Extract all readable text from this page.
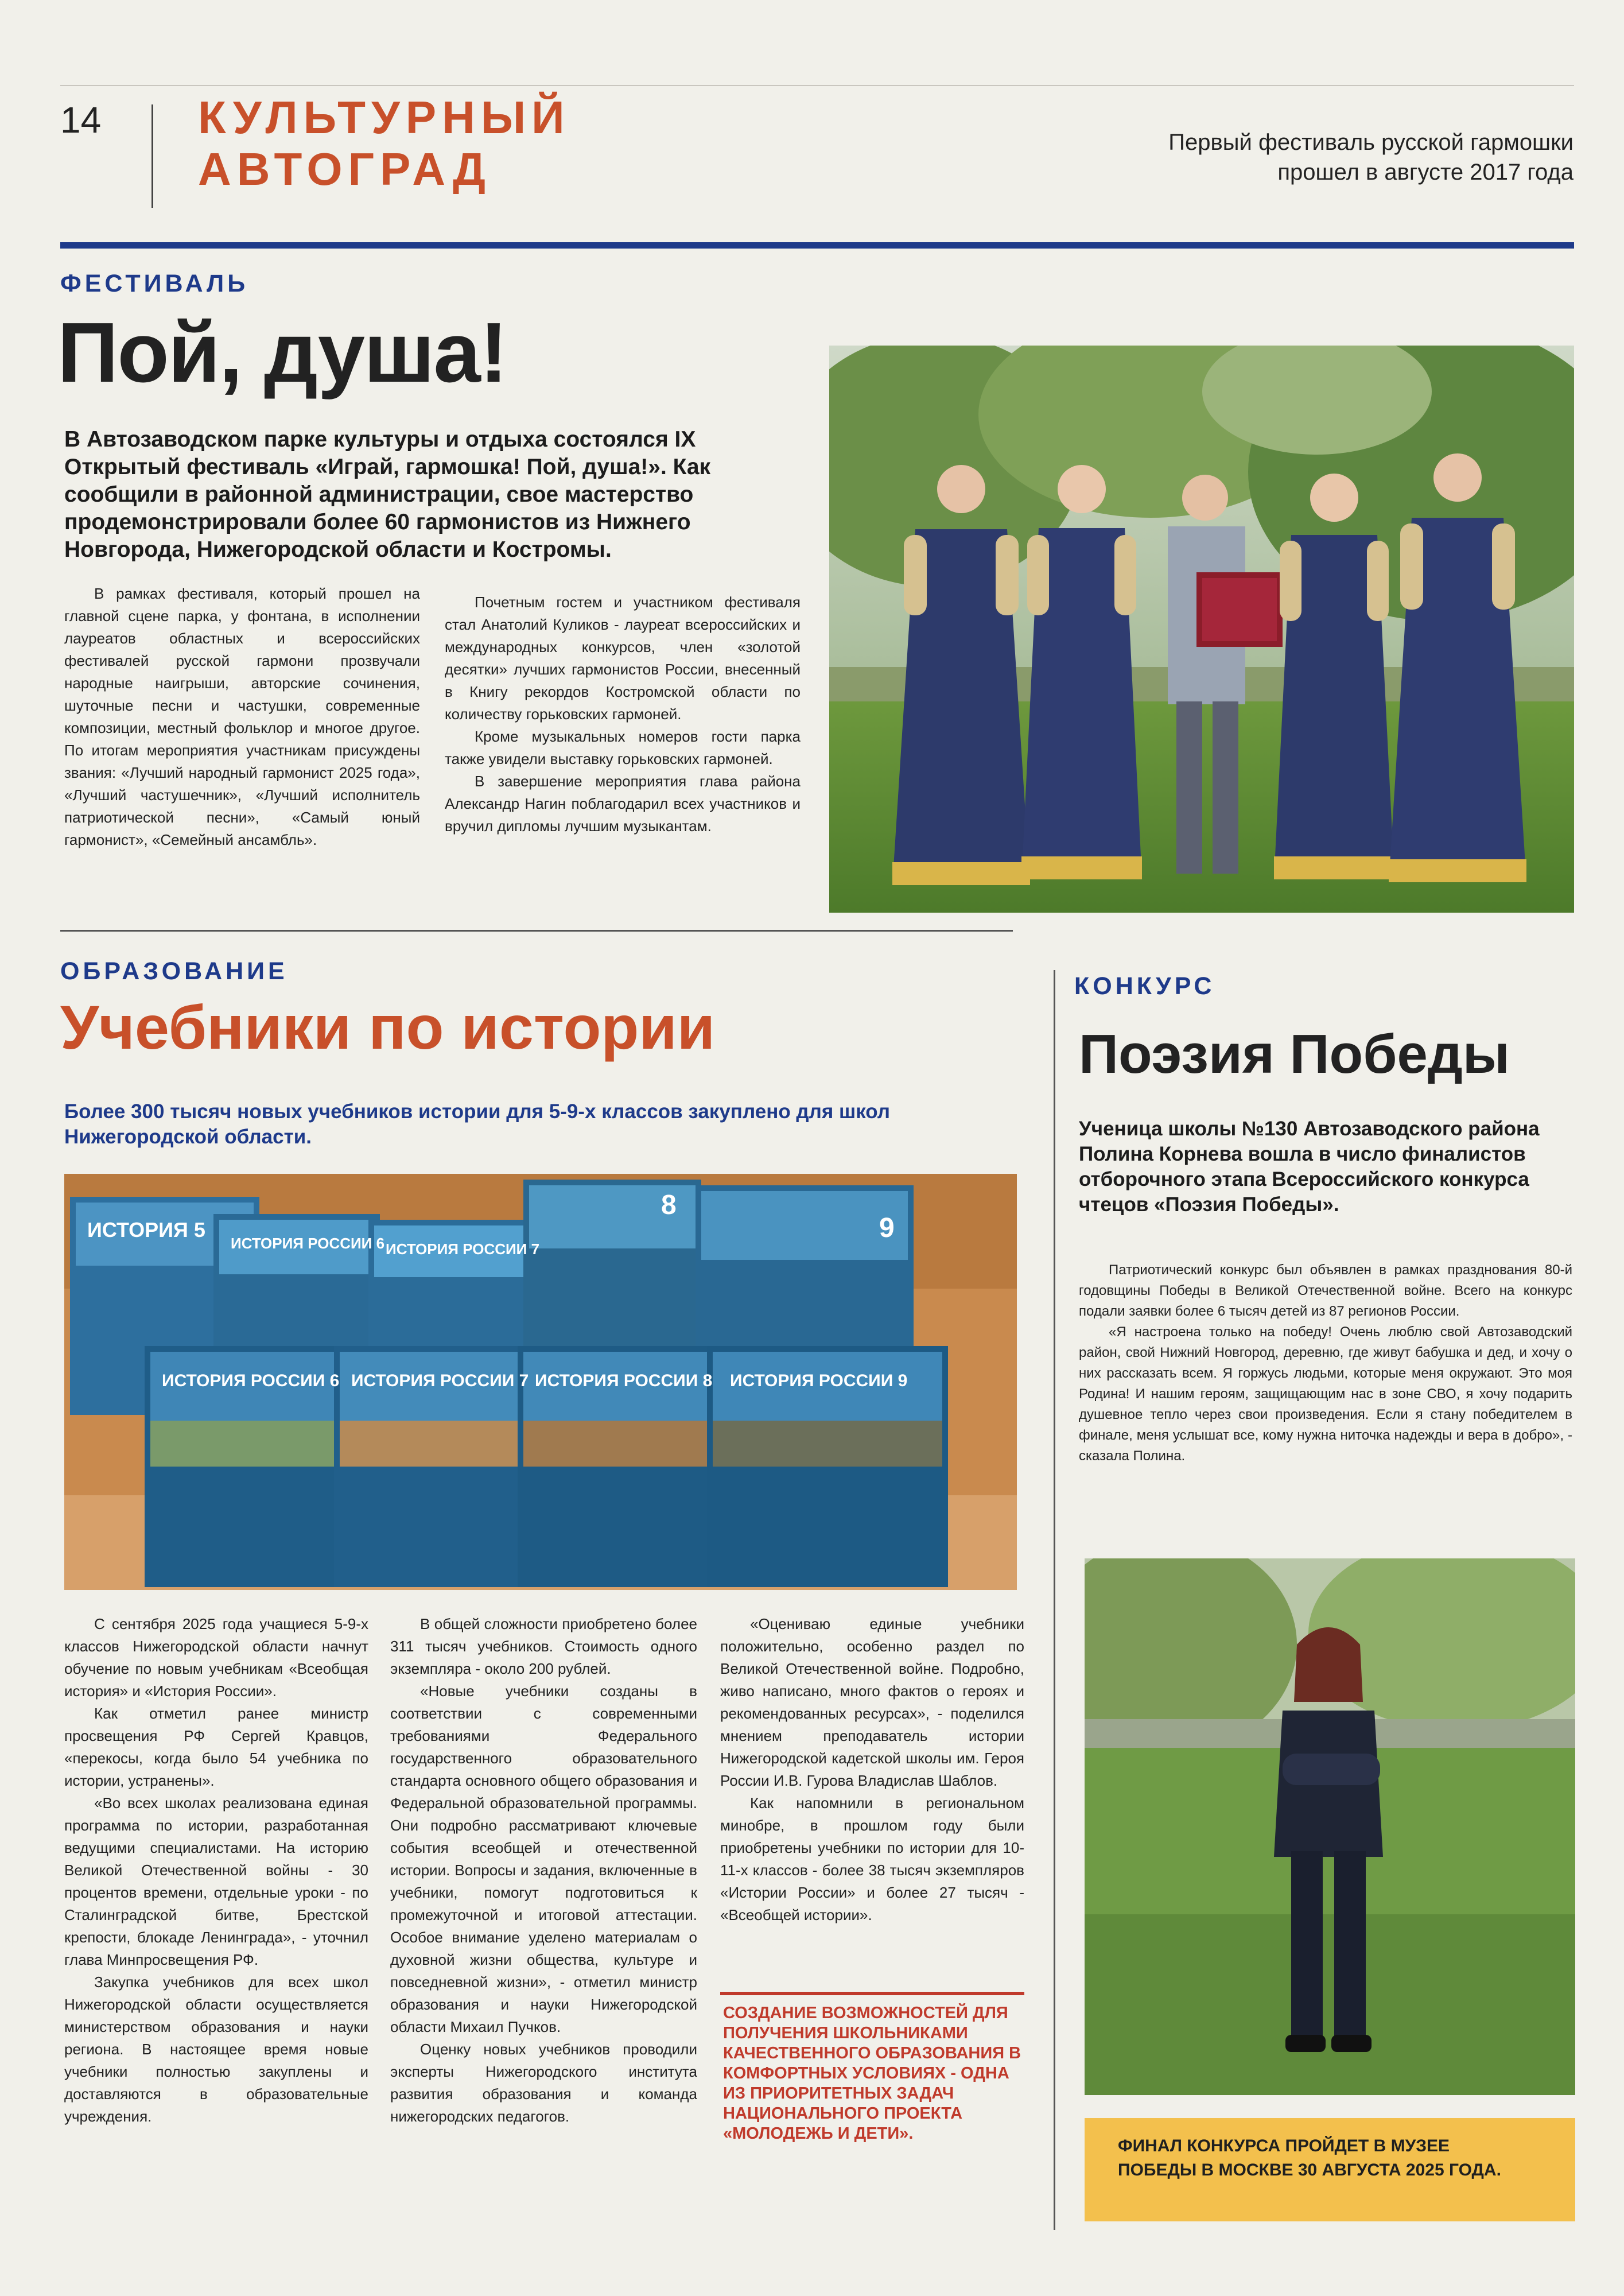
14 КУЛЬТУРНЫЙ
АВТОГРАД
Первый фестиваль русской гармошки
прошел в августе 2017 года
ФЕСТИВАЛЬ
Пой, душа!
В Автозаводском парке культуры и отдыха состоялся IX Открытый фестиваль «Играй, гармошка! Пой, душа!». Как сообщили в районной администрации, свое мастерство продемонстрировали более 60 гармонистов из Нижнего Новгорода, Нижегородской области и Костромы.

В рамках фестиваля, который прошел на главной сцене парка, у фонтана, в исполнении лауреатов областных и всероссийских фестивалей русской гармони прозвучали народные наигрыши, авторские сочинения, шуточные песни и частушки, современные композиции, местный фольклор и многое другое. По итогам мероприятия участникам присуждены звания: «Лучший народный гармонист 2025 года», «Лучший частушечник», «Лучший исполнитель патриотической песни», «Самый юный гармонист», «Семейный ансамбль».

Почетным гостем и участником фестиваля стал Анатолий Куликов - лауреат всероссийских и международных конкурсов, член «золотой десятки» лучших гармонистов России, внесенный в Книгу рекордов Костромской области по количеству горьковских гармоней.

Кроме музыкальных номеров гости парка также увидели выставку горьковских гармоней.

В завершение мероприятия глава района Александр Нагин поблагодарил всех участников и вручил дипломы лучшим музыкантам.

ОБРАЗОВАНИЕ
Учебники по истории
Более 300 тысяч новых учебников истории для 5-9-х классов закуплено для школ Нижегородской области.
ИСТОРИЯ 5
ИСТОРИЯ РОССИИ 6 ИСТОРИЯ РОССИИ 7
8
9
ИСТОРИЯ РОССИИ 6 ИСТОРИЯ РОССИИ 7 ИСТОРИЯ РОССИИ 8 ИСТОРИЯ РОССИИ 9

С сентября 2025 года учащиеся 5-9-х классов Нижегородской области начнут обучение по новым учебникам «Всеобщая история» и «История России».

Как отметил ранее министр просвещения РФ Сергей Кравцов, «перекосы, когда было 54 учебника по истории, устранены».

«Во всех школах реализована единая программа по истории, разработанная ведущими специалистами. На историю Великой Отечественной войны - 30 процентов времени, отдельные уроки - по Сталинградской битве, Брестской крепости, блокаде Ленинграда», - уточнил глава Минпросвещения РФ.

Закупка учебников для всех школ Нижегородской области осуществляется министерством образования и науки региона. В настоящее время новые учебники полностью закуплены и доставляются в образовательные учреждения.

В общей сложности приобретено более 311 тысяч учебников. Стоимость одного экземпляра - около 200 рублей.

«Новые учебники созданы в соответствии с современными требованиями Федерального государственного образовательного стандарта основного общего образования и Федеральной образовательной программы. Они подробно рассматривают ключевые события всеобщей и отечественной истории. Вопросы и задания, включенные в учебники, помогут подготовиться к промежуточной и итоговой аттестации. Особое внимание уделено материалам о духовной жизни общества, культуре и повседневной жизни», - отметил министр образования и науки Нижегородской области Михаил Пучков.

Оценку новых учебников проводили эксперты Нижегородского института развития образования и команда нижегородских педагогов.

«Оцениваю единые учебники положительно, особенно раздел по Великой Отечественной войне. Подробно, живо написано, много фактов о героях и рекомендованных ресурсах», - поделился мнением преподаватель истории Нижегородской кадетской школы им. Героя России И.В. Гурова Владислав Шаблов.

Как напомнили в региональном минобре, в прошлом году были приобретены учебники по истории для 10-11-х классов - более 38 тысяч экземпляров «Истории России» и более 27 тысяч - «Всеобщей истории».

СОЗДАНИЕ ВОЗМОЖНОСТЕЙ ДЛЯ ПОЛУЧЕНИЯ ШКОЛЬНИКАМИ КАЧЕСТВЕННОГО ОБРАЗОВАНИЯ В КОМФОРТНЫХ УСЛОВИЯХ - ОДНА ИЗ ПРИОРИТЕТНЫХ ЗАДАЧ НАЦИОНАЛЬНОГО ПРОЕКТА «МОЛОДЕЖЬ И ДЕТИ».
КОНКУРС
Поэзия Победы
Ученица школы №130 Автозаводского района Полина Корнева вошла в число финалистов отборочного этапа Всероссийского конкурса чтецов «Поэзия Победы».

Патриотический конкурс был объявлен в рамках празднования 80-й годовщины Победы в Великой Отечественной войне. Всего на конкурс подали заявки более 6 тысяч детей из 87 регионов России.

«Я настроена только на победу! Очень люблю свой Автозаводский район, свой Нижний Новгород, деревню, где живут бабушка и дед, и хочу о них рассказать всем. Я горжусь людьми, которые меня окружают. Это моя Родина! И нашим героям, защищающим нас в зоне СВО, я хочу подарить душевное тепло через свои произведения. Если я стану победителем в финале, меня услышат все, кому нужна ниточка надежды и вера в добро», - сказала Полина.

ФИНАЛ КОНКУРСА ПРОЙДЕТ В МУЗЕЕ ПОБЕДЫ В МОСКВЕ 30 АВГУСТА 2025 ГОДА.
